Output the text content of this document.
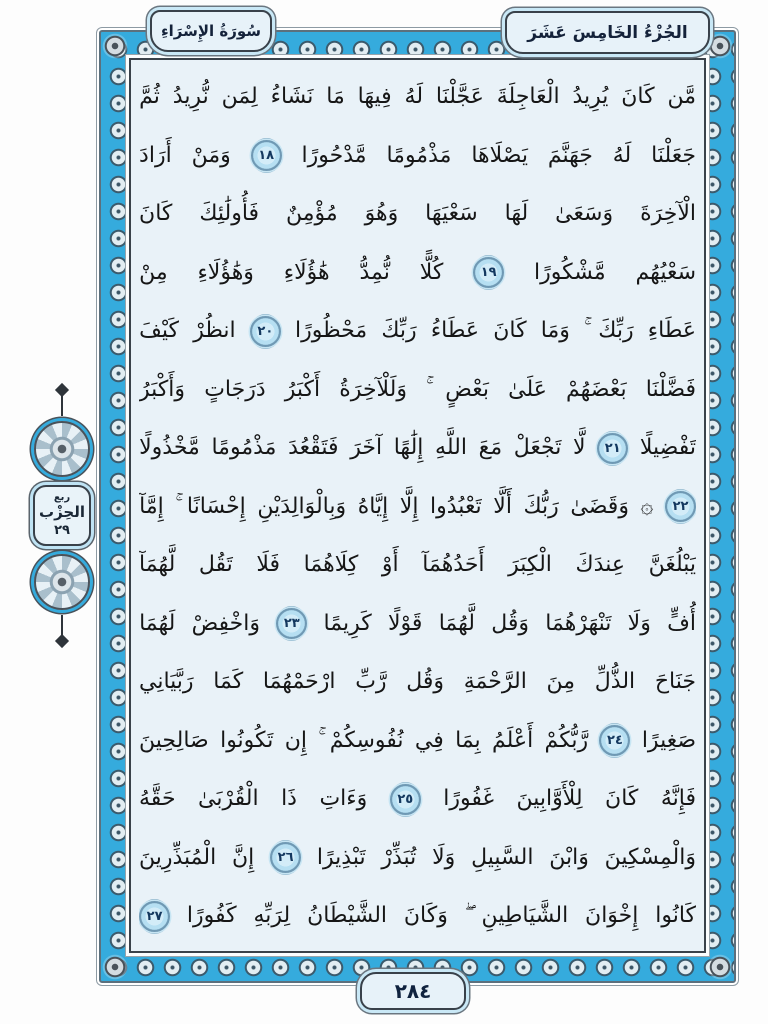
سُورَةُ الإِسْرَاءِ	الجُزْءُ الخَامِسَ عَشَرَ
ربع
الحِزْب
٢٩
مَّن
كَانَ
يُرِيدُ
الْعَاجِلَةَ
عَجَّلْنَا
لَهُ
فِيهَا
مَا
نَشَاءُ
لِمَن
نُّرِيدُ
ثُمَّ
جَعَلْنَا
لَهُ
جَهَنَّمَ
يَصْلَاهَا
مَذْمُومًا
مَّدْحُورًا
١٨
وَمَنْ
أَرَادَ
الْآخِرَةَ
وَسَعَىٰ
لَهَا
سَعْيَهَا
وَهُوَ
مُؤْمِنٌ
فَأُولَٰئِكَ
كَانَ
سَعْيُهُم
مَّشْكُورًا
١٩
كُلًّا
نُّمِدُّ
هَٰؤُلَاءِ
وَهَٰؤُلَاءِ
مِنْ
عَطَاءِ
رَبِّكَ
وَمَا
كَانَ
عَطَاءُ
رَبِّكَ
مَحْظُورًا
٢٠
انظُرْ
كَيْفَ
فَضَّلْنَا
بَعْضَهُمْ
عَلَىٰ
بَعْضٍ
وَلَلْآخِرَةُ
أَكْبَرُ
دَرَجَاتٍ
وَأَكْبَرُ
تَفْضِيلًا
٢١
لَّا
تَجْعَلْ
مَعَ
اللَّهِ
إِلَٰهًا
آخَرَ
فَتَقْعُدَ
مَذْمُومًا
مَّخْذُولًا
٢٢
۞
وَقَضَىٰ
رَبُّكَ
أَلَّا
تَعْبُدُوا
إِلَّا
إِيَّاهُ
وَبِالْوَالِدَيْنِ
إِحْسَانًا
إِمَّآ
يَبْلُغَنَّ
عِندَكَ
الْكِبَرَ
أَحَدُهُمَآ
أَوْ
كِلَاهُمَا
فَلَا
تَقُل
لَّهُمَآ
أُفٍّ
وَلَا
تَنْهَرْهُمَا
وَقُل
لَّهُمَا
قَوْلًا
كَرِيمًا
٢٣
وَاخْفِضْ
لَهُمَا
جَنَاحَ
الذُّلِّ
مِنَ
الرَّحْمَةِ
وَقُل
رَّبِّ
ارْحَمْهُمَا
كَمَا
رَبَّيَانِي
صَغِيرًا
٢٤
رَّبُّكُمْ
أَعْلَمُ
بِمَا
فِي
نُفُوسِكُمْ
إِن
تَكُونُوا
صَالِحِينَ
فَإِنَّهُ
كَانَ
لِلْأَوَّابِينَ
غَفُورًا
٢٥
وَءَاتِ
ذَا
الْقُرْبَىٰ
حَقَّهُ
وَالْمِسْكِينَ
وَابْنَ
السَّبِيلِ
وَلَا
تُبَذِّرْ
تَبْذِيرًا
٢٦
إِنَّ
الْمُبَذِّرِينَ
كَانُوا
إِخْوَانَ
الشَّيَاطِينِ
وَكَانَ
الشَّيْطَانُ
لِرَبِّهِ
كَفُورًا
٢٧
٢٨٤
